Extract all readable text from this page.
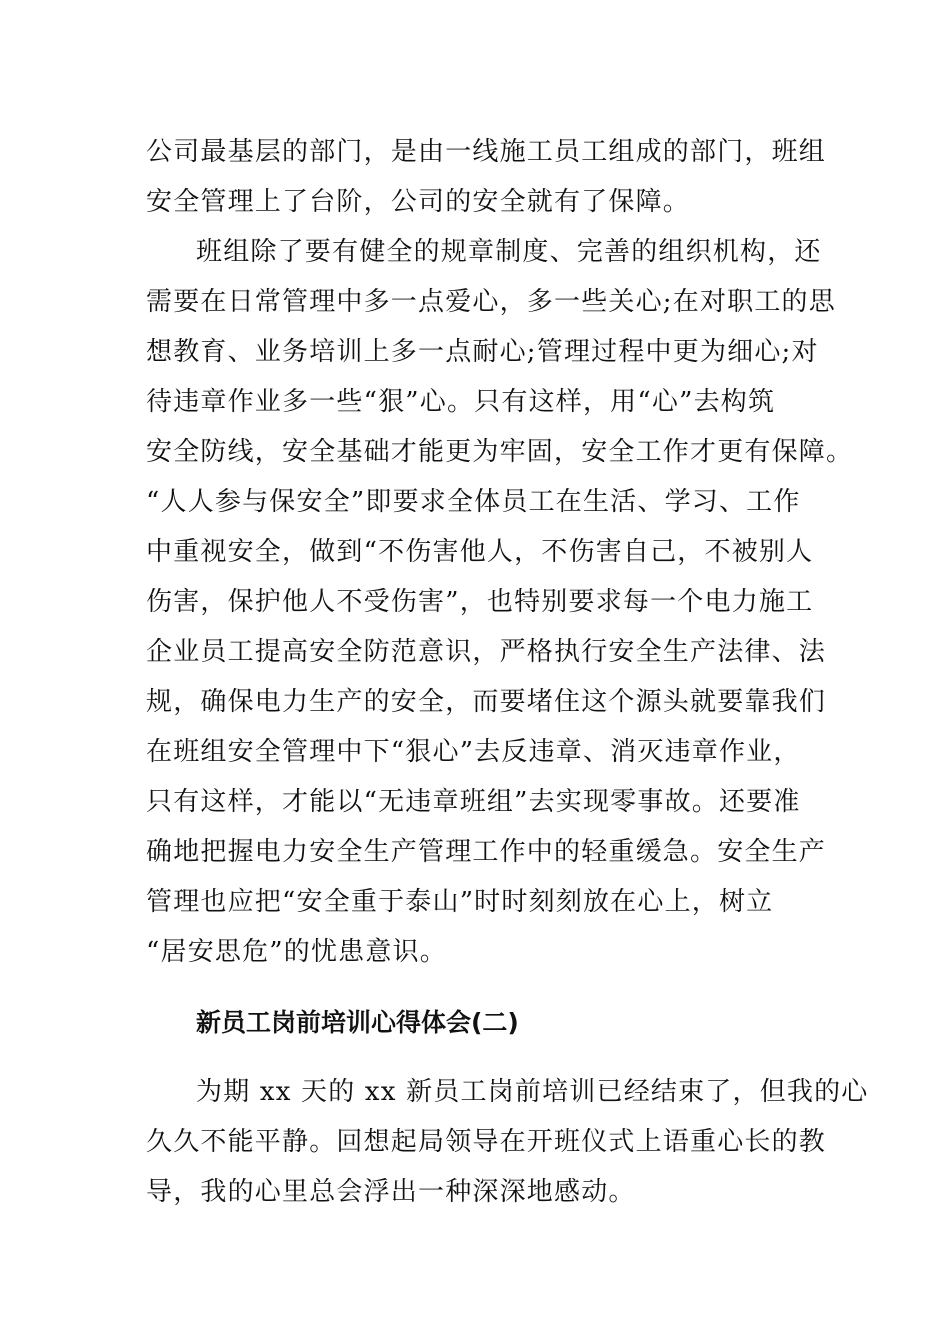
公司最基层的部门，是由一线施工员工组成的部门，班组
安全管理上了台阶，公司的安全就有了保障。
班组除了要有健全的规章制度、完善的组织机构，还
需要在日常管理中多一点爱心，多一些关心;在对职工的思
想教育、业务培训上多一点耐心;管理过程中更为细心;对
待违章作业多一些“狠”心。只有这样，用“心”去构筑
安全防线，安全基础才能更为牢固，安全工作才更有保障。
“人人参与保安全”即要求全体员工在生活、学习、工作
中重视安全，做到“不伤害他人，不伤害自己，不被别人
伤害，保护他人不受伤害”，也特别要求每一个电力施工
企业员工提高安全防范意识，严格执行安全生产法律、法
规，确保电力生产的安全，而要堵住这个源头就要靠我们
在班组安全管理中下“狠心”去反违章、消灭违章作业，
只有这样，才能以“无违章班组”去实现零事故。还要准
确地把握电力安全生产管理工作中的轻重缓急。安全生产
管理也应把“安全重于泰山”时时刻刻放在心上，树立
“居安思危”的忧患意识。
新员工岗前培训心得体会(二)
为期 xx 天的 xx 新员工岗前培训已经结束了，但我的心
久久不能平静。回想起局领导在开班仪式上语重心长的教
导，我的心里总会浮出一种深深地感动。
